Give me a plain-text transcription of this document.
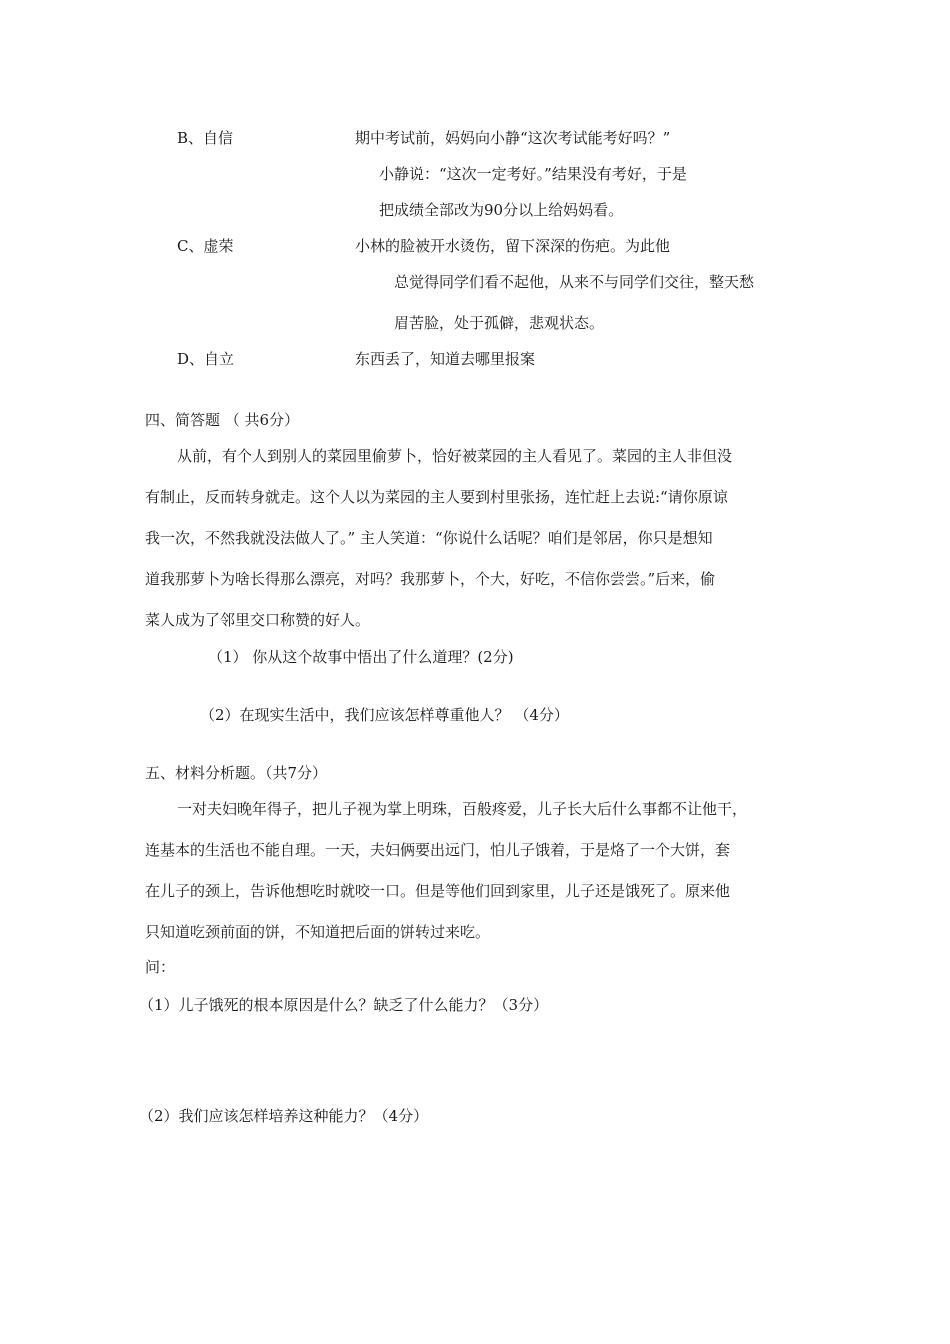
B、自信	期中考试前，妈妈向小静“这次考试能考好吗？”
小静说：“这次一定考好。”结果没有考好，于是
把成绩全部改为90分以上给妈妈看。
C、虚荣	小林的脸被开水烫伤，留下深深的伤疤。为此他
总觉得同学们看不起他，从来不与同学们交往，整天愁
眉苦脸，处于孤僻，悲观状态。
D、自立	东西丢了，知道去哪里报案
四、简答题 （ 共6分）
从前，有个人到别人的菜园里偷萝卜，恰好被菜园的主人看见了。菜园的主人非但没
有制止，反而转身就走。这个人以为菜园的主人要到村里张扬，连忙赶上去说:“请你原谅
我一次，不然我就没法做人了。” 主人笑道：“你说什么话呢？咱们是邻居，你只是想知
道我那萝卜为啥长得那么漂亮，对吗？我那萝卜，个大，好吃，不信你尝尝。”后来，偷
菜人成为了邻里交口称赞的好人。
（1） 你从这个故事中悟出了什么道理？(2分)
（2）在现实生活中，我们应该怎样尊重他人？ （4分）
五、材料分析题。（共7分）
一对夫妇晚年得子，把儿子视为掌上明珠，百般疼爱，儿子长大后什么事都不让他干，
连基本的生活也不能自理。一天，夫妇俩要出远门，怕儿子饿着，于是烙了一个大饼，套
在儿子的颈上，告诉他想吃时就咬一口。但是等他们回到家里，儿子还是饿死了。原来他
只知道吃颈前面的饼，不知道把后面的饼转过来吃。
问：
（1）儿子饿死的根本原因是什么？缺乏了什么能力？（3分）
（2）我们应该怎样培养这种能力？（4分）
